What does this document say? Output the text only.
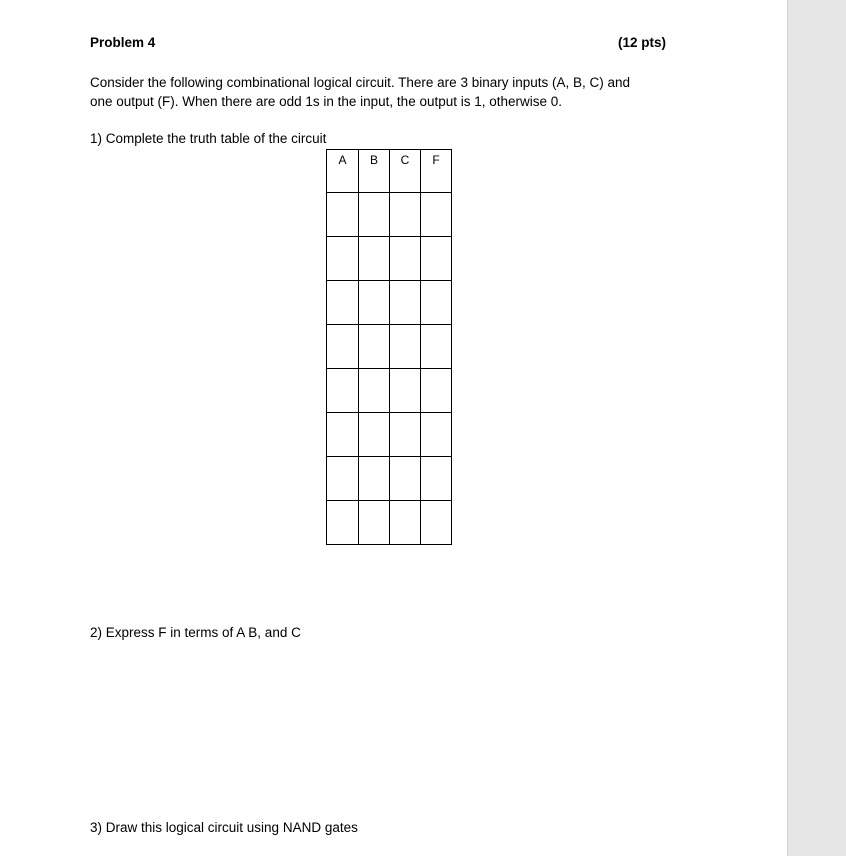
Problem 4	(12 pts)
Consider the following combinational logical circuit. There are 3 binary inputs (A, B, C) and
one output (F). When there are odd 1s in the input, the output is 1, otherwise 0.
1) Complete the truth table of the circuit
A	B	C	F

2) Express F in terms of A B, and C
3) Draw this logical circuit using NAND gates
